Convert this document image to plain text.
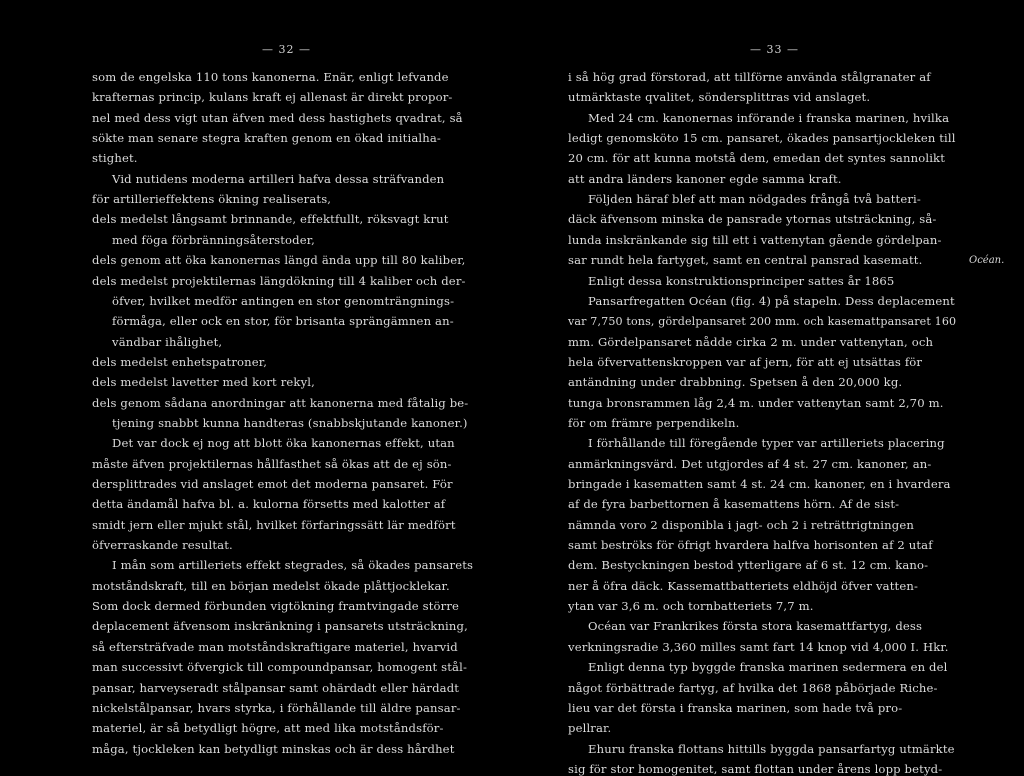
— 32 —
som de engelska 110 tons kanonerna. Enär, enligt lefvande
krafternas princip, kulans kraft ej allenast är direkt propor-
nel med dess vigt utan äfven med dess hastighets qvadrat, så
sökte man senare stegra kraften genom en ökad initialha-
stighet.
Vid nutidens moderna artilleri hafva dessa sträfvanden
för artillerieffektens ökning realiserats,
dels medelst långsamt brinnande, effektfullt, röksvagt krut
med föga förbränningsåterstoder,
dels genom att öka kanonernas längd ända upp till 80 kaliber,
dels medelst projektilernas längdökning till 4 kaliber och der-
öfver, hvilket medför antingen en stor genomträngnings-
förmåga, eller ock en stor, för brisanta sprängämnen an-
vändbar ihålighet,
dels medelst enhetspatroner,
dels medelst lavetter med kort rekyl,
dels genom sådana anordningar att kanonerna med fåtalig be-
tjening snabbt kunna handteras (snabbskjutande kanoner.)
Det var dock ej nog att blott öka kanonernas effekt, utan
måste äfven projektilernas hållfasthet så ökas att de ej sön-
dersplittrades vid anslaget emot det moderna pansaret. För
detta ändamål hafva bl. a. kulorna försetts med kalotter af
smidt jern eller mjukt stål, hvilket förfaringssätt lär medfört
öfverraskande resultat.
I mån som artilleriets effekt stegrades, så ökades pansarets
motståndskraft, till en början medelst ökade plåttjocklekar.
Som dock dermed förbunden vigtökning framtvingade större
deplacement äfvensom inskränkning i pansarets utsträckning,
så eftersträfvade man motståndskraftigare materiel, hvarvid
man successivt öfvergick till compoundpansar, homogent stål-
pansar, harveyseradt stålpansar samt ohärdadt eller härdadt
nickelstålpansar, hvars styrka, i förhållande till äldre pansar-
materiel, är så betydligt högre, att med lika motståndsför-
måga, tjockleken kan betydligt minskas och är dess hårdhet
— 33 —
i så hög grad förstorad, att tillförne använda stålgranater af
utmärktaste qvalitet, söndersplittras vid anslaget.
Med 24 cm. kanonernas införande i franska marinen, hvilka
ledigt genomsköto 15 cm. pansaret, ökades pansartjockleken till
20 cm. för att kunna motstå dem, emedan det syntes sannolikt
att andra länders kanoner egde samma kraft.
Följden häraf blef att man nödgades frångå två batteri-
däck äfvensom minska de pansrade ytornas utsträckning, så-
lunda inskränkande sig till ett i vattenytan gående gördelpan-
sar rundt hela fartyget, samt en central pansrad kasematt.
Enligt dessa konstruktionsprinciper sattes år 1865
Pansarfregatten Océan (fig. 4) på stapeln. Dess deplacement
var 7,750 tons, gördelpansaret 200 mm. och kasemattpansaret 160
mm. Gördelpansaret nådde cirka 2 m. under vattenytan, och
hela öfvervattenskroppen var af jern, för att ej utsättas för
antändning under drabbning. Spetsen å den 20,000 kg.
tunga bronsrammen låg 2,4 m. under vattenytan samt 2,70 m.
för om främre perpendikeln.
I förhållande till föregående typer var artilleriets placering
anmärkningsvärd. Det utgjordes af 4 st. 27 cm. kanoner, an-
bringade i kasematten samt 4 st. 24 cm. kanoner, en i hvardera
af de fyra barbettornen å kasemattens hörn. Af de sist-
nämnda voro 2 disponibla i jagt- och 2 i reträttrigtningen
samt beströks för öfrigt hvardera halfva horisonten af 2 utaf
dem. Bestyckningen bestod ytterligare af 6 st. 12 cm. kano-
ner å öfra däck. Kassemattbatteriets eldhöjd öfver vatten-
ytan var 3,6 m. och tornbatteriets 7,7 m.
Océan var Frankrikes första stora kasemattfartyg, dess
verkningsradie 3,360 milles samt fart 14 knop vid 4,000 I. Hkr.
Enligt denna typ byggde franska marinen sedermera en del
något förbättrade fartyg, af hvilka det 1868 påbörjade Riche-
lieu var det första i franska marinen, som hade två pro-
pellrar.
Ehuru franska flottans hittills byggda pansarfartyg utmärkte
sig för stor homogenitet, samt flottan under årens lopp betyd-
Océan.
